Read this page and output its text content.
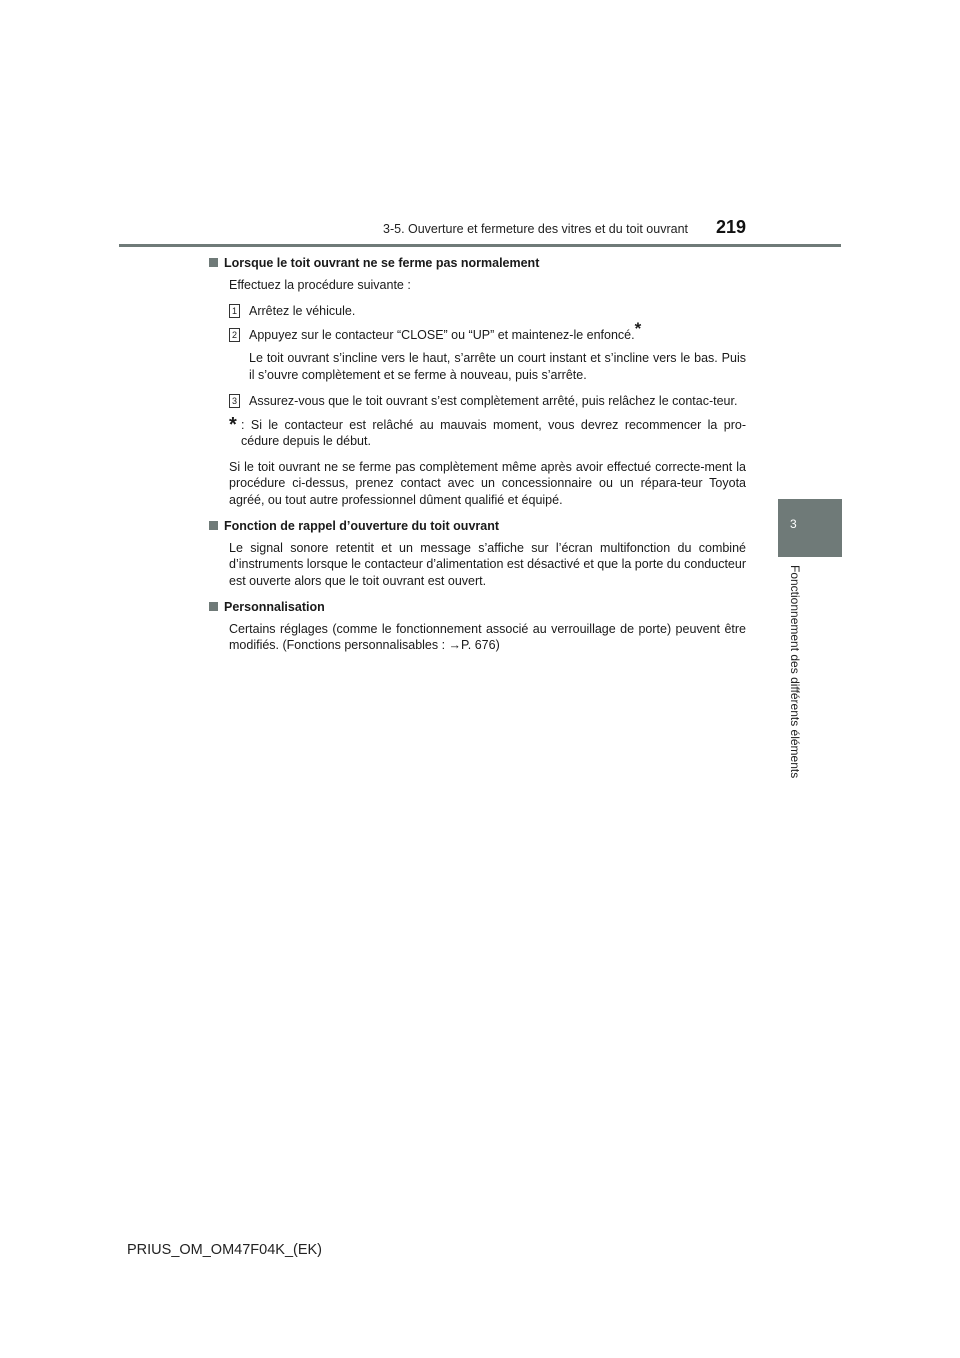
3-5. Ouverture et fermeture des vitres et du toit ouvrant 219
3
Fonctionnement des différents éléments
Lorsque le toit ouvrant ne se ferme pas normalement
Effectuez la procédure suivante :
1 Arrêtez le véhicule.
2 Appuyez sur le contacteur “CLOSE” ou “UP” et maintenez-le enfoncé.*
Le toit ouvrant s’incline vers le haut, s’arrête un court instant et s’incline vers le bas. Puis il s’ouvre complètement et se ferme à nouveau, puis s’arrête.
3 Assurez-vous que le toit ouvrant s’est complètement arrêté, puis relâchez le contac-teur.
* : Si le contacteur est relâché au mauvais moment, vous devrez recommencer la pro-cédure depuis le début.
Si le toit ouvrant ne se ferme pas complètement même après avoir effectué correcte-ment la procédure ci-dessus, prenez contact avec un concessionnaire ou un répara-teur Toyota agréé, ou tout autre professionnel dûment qualifié et équipé.
Fonction de rappel d’ouverture du toit ouvrant
Le signal sonore retentit et un message s’affiche sur l’écran multifonction du combiné d’instruments lorsque le contacteur d’alimentation est désactivé et que la porte du conducteur est ouverte alors que le toit ouvrant est ouvert.
Personnalisation
Certains réglages (comme le fonctionnement associé au verrouillage de porte) peuvent être modifiés. (Fonctions personnalisables : →P. 676)
PRIUS_OM_OM47F04K_(EK)
